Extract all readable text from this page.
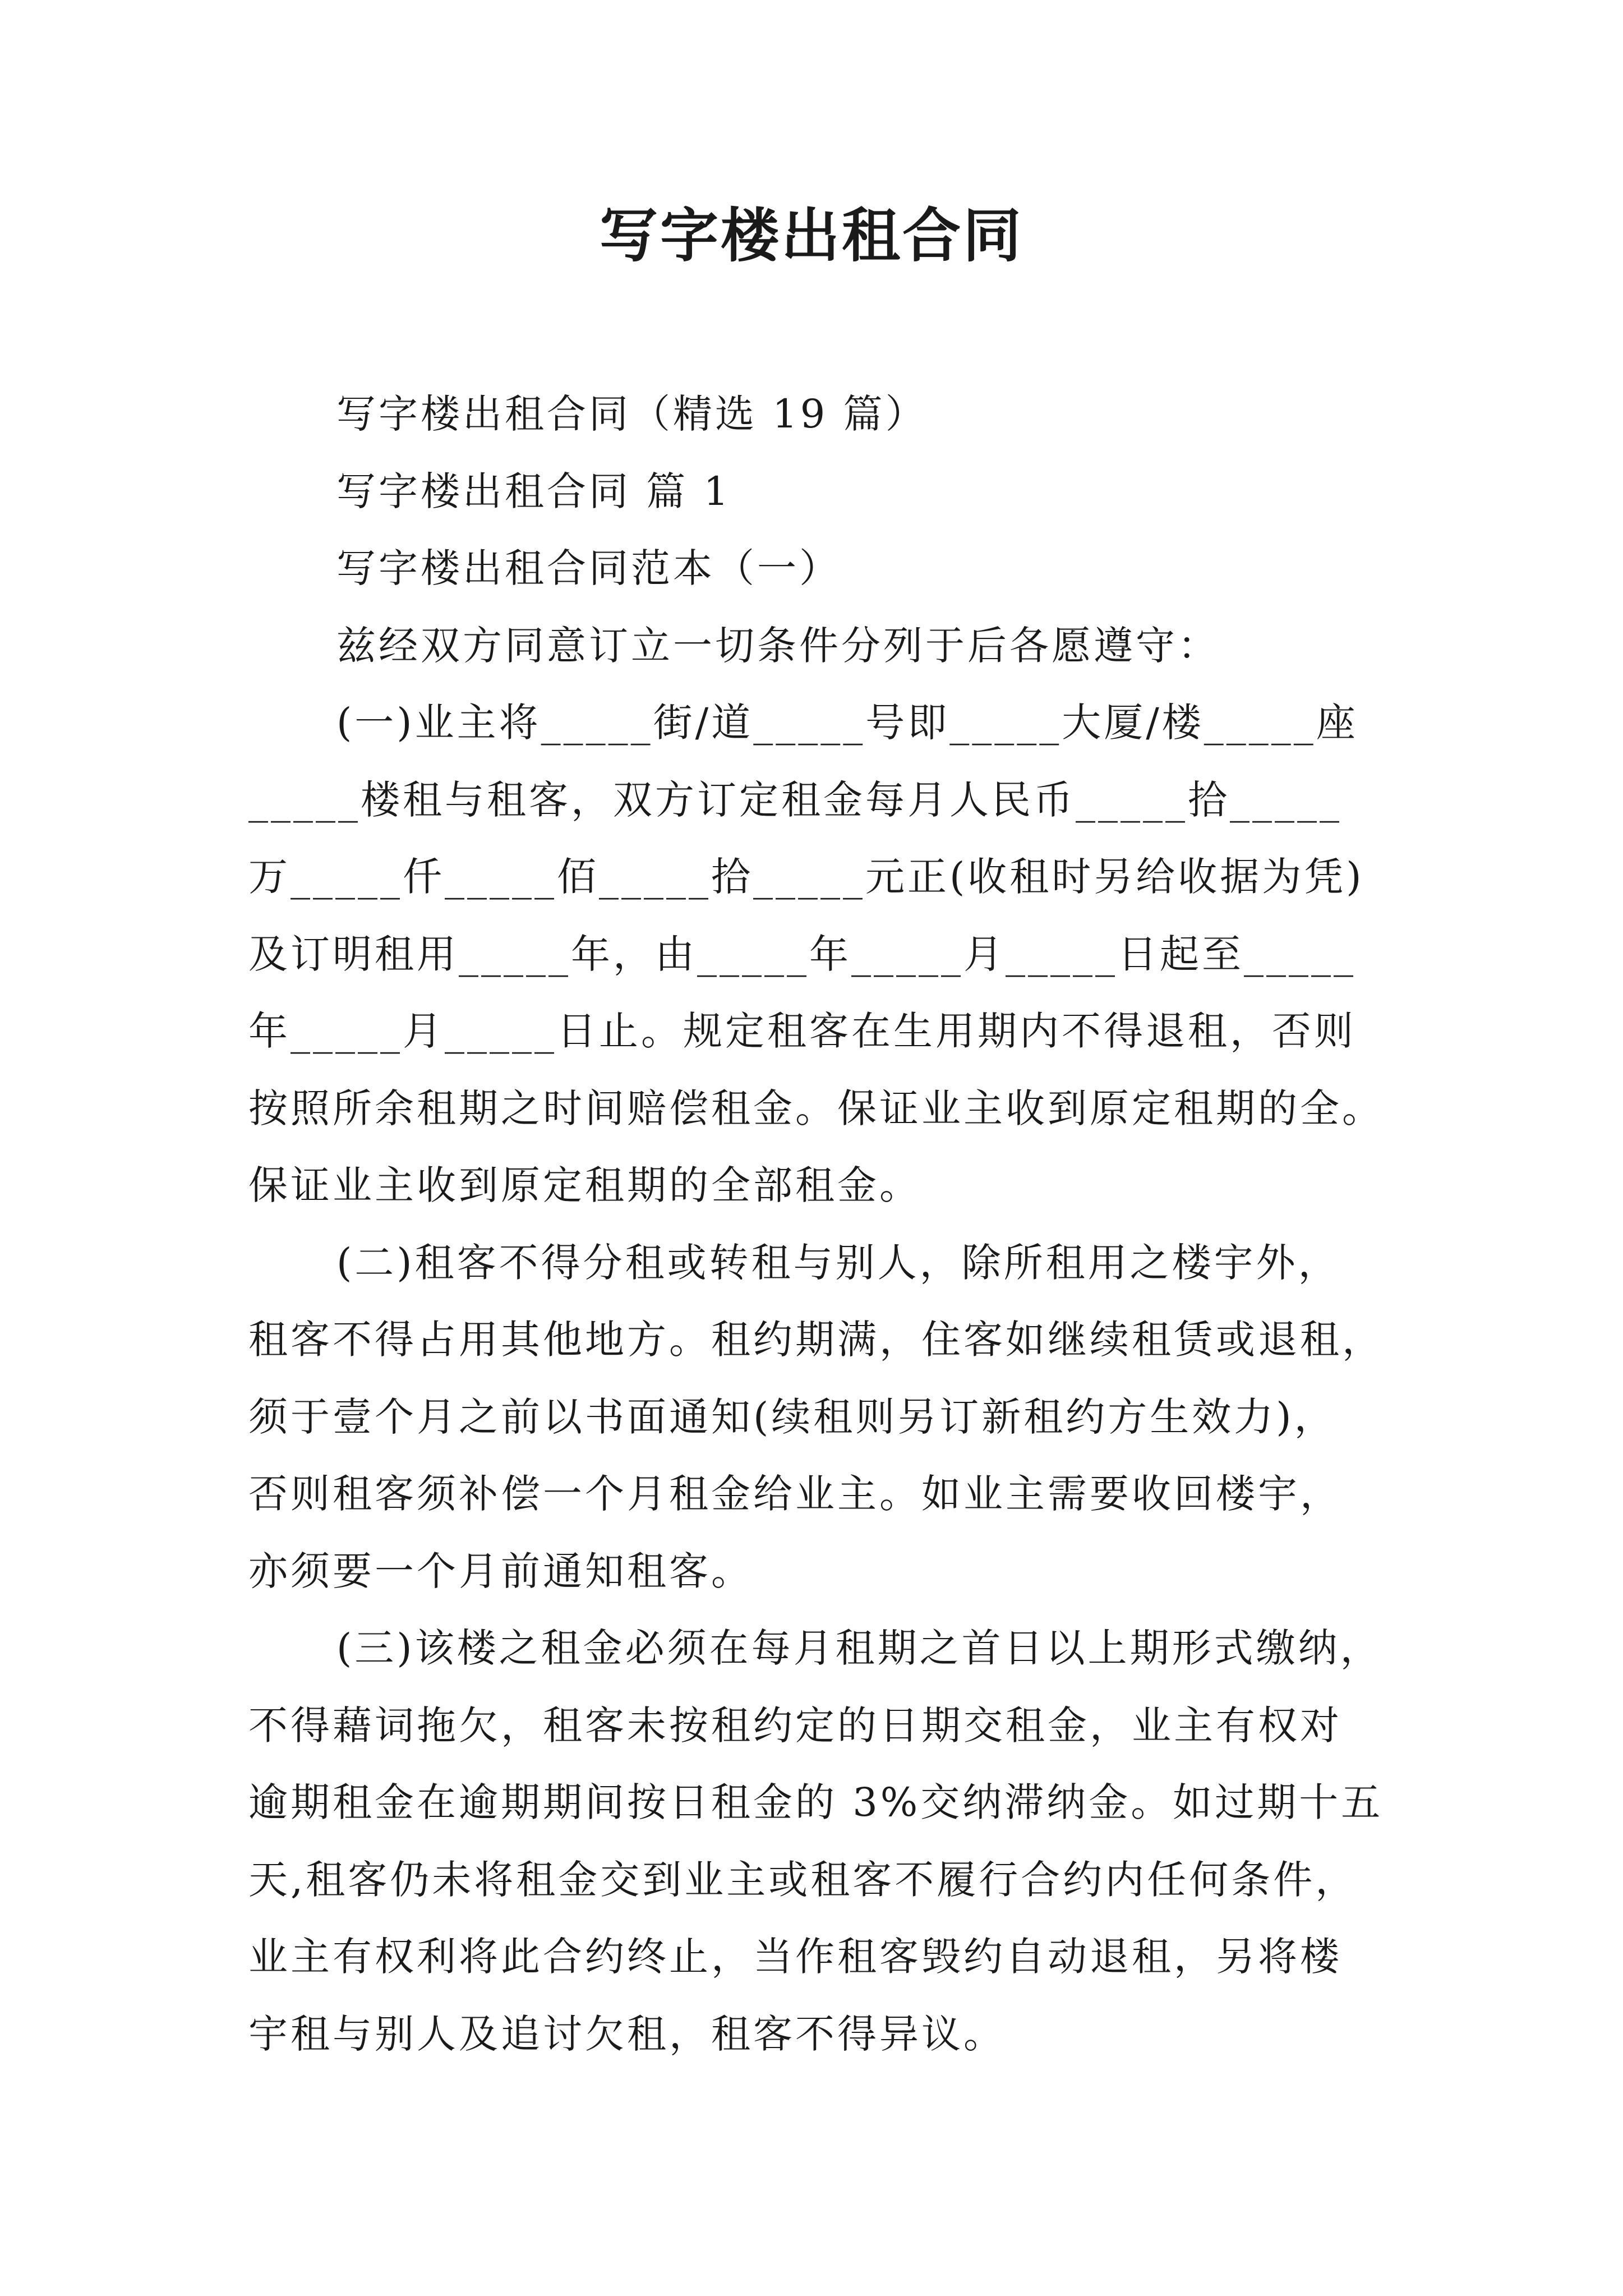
写字楼出租合同
写字楼出租合同（精选 19 篇）
写字楼出租合同 篇 1
写字楼出租合同范本（一）
兹经双方同意订立一切条件分列于后各愿遵守：
(一)业主将_____街/道_____号即_____大厦/楼_____座
_____楼租与租客，双方订定租金每月人民币_____拾_____
万_____仟_____佰_____拾_____元正(收租时另给收据为凭)
及订明租用_____年，由_____年_____月_____日起至_____
年_____月_____日止。规定租客在生用期内不得退租，否则
按照所余租期之时间赔偿租金。保证业主收到原定租期的全。
保证业主收到原定租期的全部租金。
(二)租客不得分租或转租与别人，除所租用之楼宇外，
租客不得占用其他地方。租约期满，住客如继续租赁或退租，
须于壹个月之前以书面通知(续租则另订新租约方生效力)，
否则租客须补偿一个月租金给业主。如业主需要收回楼宇，
亦须要一个月前通知租客。
(三)该楼之租金必须在每月租期之首日以上期形式缴纳，
不得藉词拖欠，租客未按租约定的日期交租金，业主有权对
逾期租金在逾期期间按日租金的 3%交纳滞纳金。如过期十五
天,租客仍未将租金交到业主或租客不履行合约内任何条件，
业主有权利将此合约终止，当作租客毁约自动退租，另将楼
宇租与别人及追讨欠租，租客不得异议。
